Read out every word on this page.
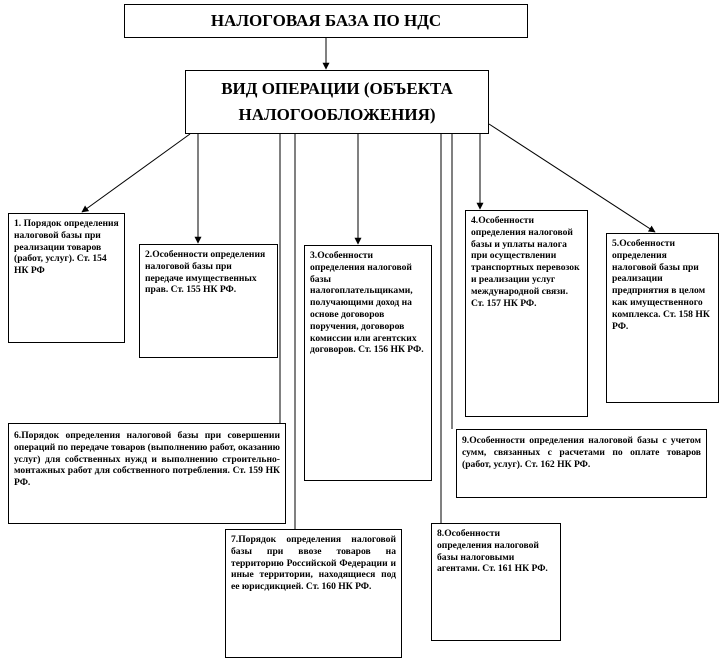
НАЛОГОВАЯ БАЗА ПО НДС
ВИД ОПЕРАЦИИ (ОБЪЕКТА
НАЛОГООБЛОЖЕНИЯ)

1. Порядок определения налоговой базы при реализации товаров (работ, услуг). Ст. 154 НК РФ

2.Особенности определения налоговой базы при передаче имущественных прав. Ст. 155 НК РФ.

3.Особенности определения налоговой базы налогоплательщиками, получающими доход на основе договоров поручения, договоров комиссии или агентских договоров. Ст. 156 НК РФ.

4.Особенности определения налоговой базы и уплаты налога при осуществлении транспортных перевозок и реализации услуг международной связи. Ст. 157 НК РФ.

5.Особенности определения налоговой базы при реализации предприятия в целом как имущественного комплекса. Ст. 158 НК РФ.

6.Порядок определения налоговой базы при совершении операций по передаче товаров (выполнению работ, оказанию услуг) для собственных нужд и выполнению строительно-монтажных работ для собственного потребления. Ст. 159 НК РФ.

9.Особенности определения налоговой базы с учетом сумм, связанных с расчетами по оплате товаров (работ, услуг). Ст. 162 НК РФ.

7.Порядок определения налоговой базы при ввозе товаров на территорию Российской Федерации и иные территории, находящиеся под ее юрисдикцией. Ст. 160 НК РФ.

8.Особенности определения налоговой базы налоговыми агентами. Ст. 161 НК РФ.
